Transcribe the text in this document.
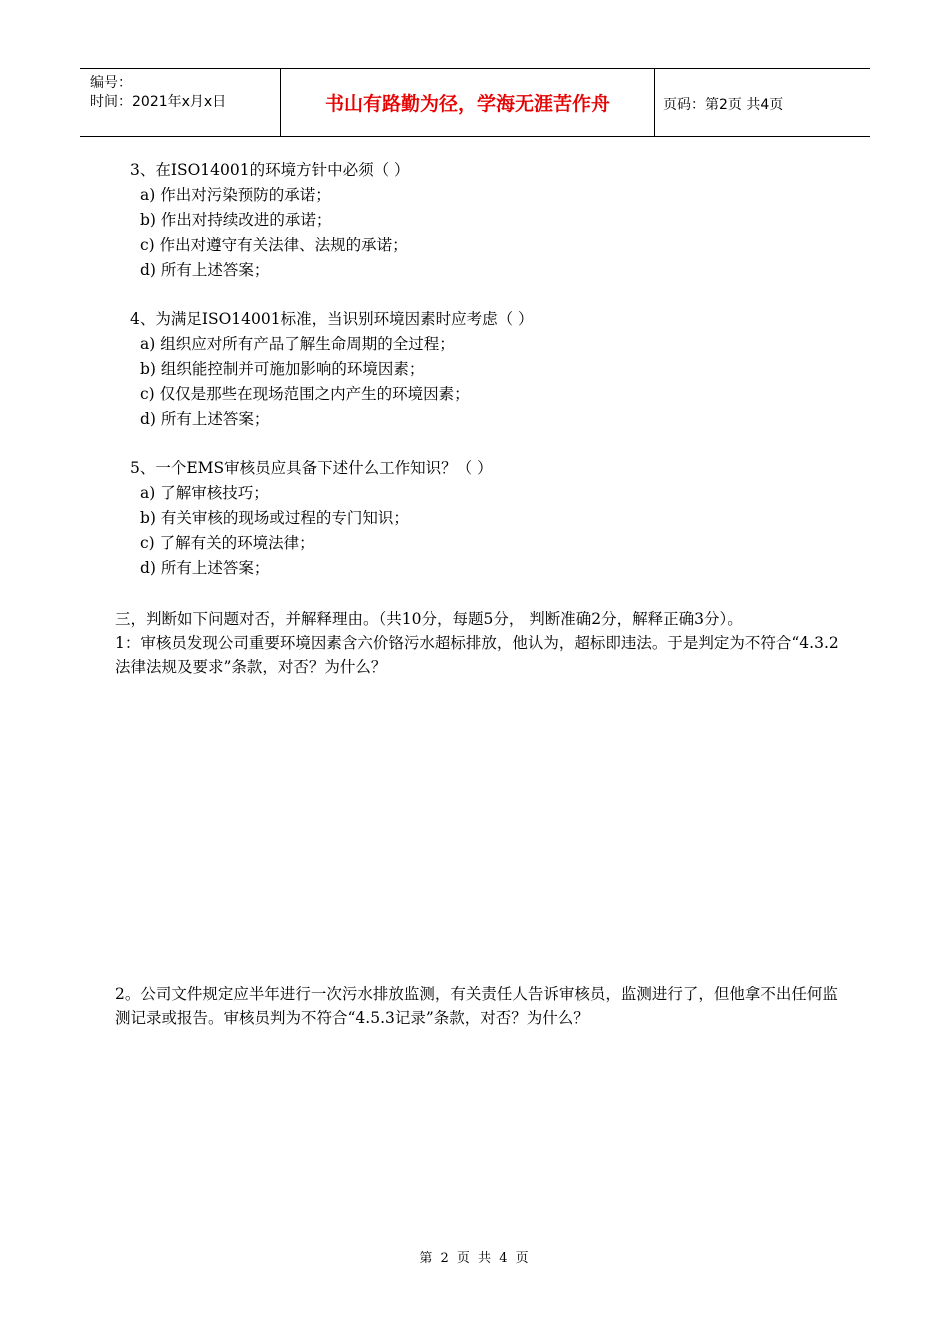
编号：
时间：2021年x月x日	书山有路勤为径，学海无涯苦作舟	页码：第2页 共4页

3、在ISO14001的环境方针中必须（ ）

a) 作出对污染预防的承诺；

b) 作出对持续改进的承诺；

c) 作出对遵守有关法律、法规的承诺；

d) 所有上述答案；

4、为满足ISO14001标准，当识别环境因素时应考虑（ ）

a) 组织应对所有产品了解生命周期的全过程；

b) 组织能控制并可施加影响的环境因素；

c) 仅仅是那些在现场范围之内产生的环境因素；

d) 所有上述答案；

5、一个EMS审核员应具备下述什么工作知识？（ ）

a) 了解审核技巧；

b) 有关审核的现场或过程的专门知识；

c) 了解有关的环境法律；

d) 所有上述答案；

三，判断如下问题对否，并解释理由。（共10分，每题5分， 判断准确2分，解释正确3分）。

1：审核员发现公司重要环境因素含六价铬污水超标排放，他认为，超标即违法。于是判定为不符合“4.3.2法律法规及要求”条款，对否？为什么？

2。公司文件规定应半年进行一次污水排放监测，有关责任人告诉审核员，监测进行了，但他拿不出任何监测记录或报告。审核员判为不符合“4.5.3记录”条款，对否？为什么？

第 2 页 共 4 页
